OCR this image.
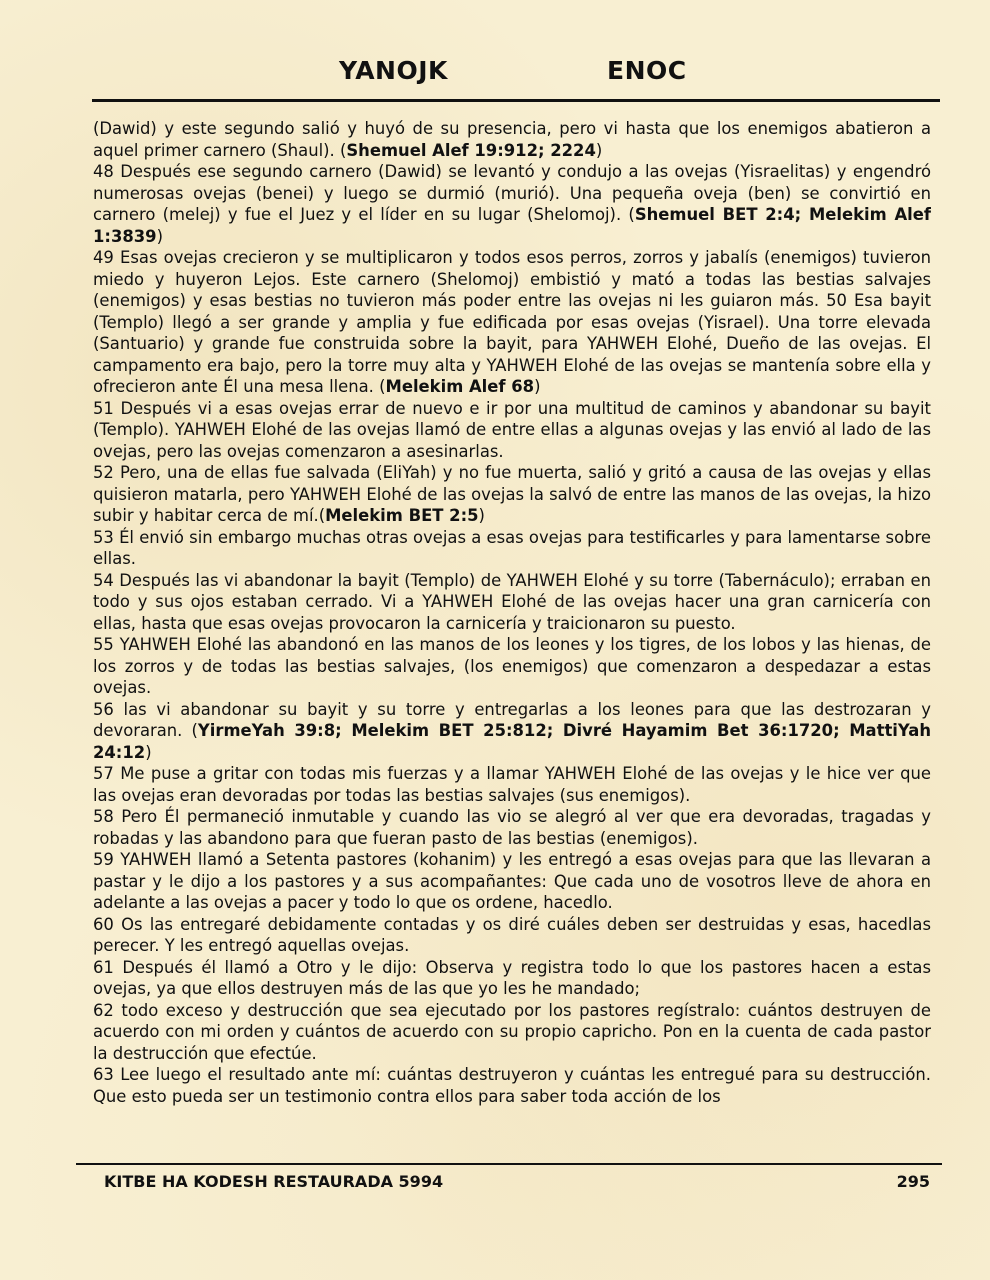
YANOJK	ENOC

(Dawid) y este segundo salió y huyó de su presencia, pero vi hasta que los enemigos abatieron a aquel primer carnero (Shaul). (Shemuel Alef 19:912; 2224)

48 Después ese segundo carnero (Dawid) se levantó y condujo a las ovejas (Yisraelitas) y engendró numerosas ovejas (benei) y luego se durmió (murió). Una pequeña oveja (ben) se convirtió en carnero (melej) y fue el Juez y el líder en su lugar (Shelomoj). (Shemuel BET 2:4; Melekim Alef 1:3839)

49 Esas ovejas crecieron y se multiplicaron y todos esos perros, zorros y jabalís (enemigos) tuvieron miedo y huyeron Lejos. Este carnero (Shelomoj) embistió y mató a todas las bestias salvajes (enemigos) y esas bestias no tuvieron más poder entre las ovejas ni les guiaron más. 50 Esa bayit (Templo) llegó a ser grande y amplia y fue edificada por esas ovejas (Yisrael). Una torre elevada (Santuario) y grande fue construida sobre la bayit, para YAHWEH Elohé, Dueño de las ovejas. El campamento era bajo, pero la torre muy alta y YAHWEH Elohé de las ovejas se mantenía sobre ella y ofrecieron ante Él una mesa llena. (Melekim Alef 68)

51 Después vi a esas ovejas errar de nuevo e ir por una multitud de caminos y abandonar su bayit (Templo). YAHWEH Elohé de las ovejas llamó de entre ellas a algunas ovejas y las envió al lado de las ovejas, pero las ovejas comenzaron a asesinarlas.

52 Pero, una de ellas fue salvada (EliYah) y no fue muerta, salió y gritó a causa de las ovejas y ellas quisieron matarla, pero YAHWEH Elohé de las ovejas la salvó de entre las manos de las ovejas, la hizo subir y habitar cerca de mí.(Melekim BET 2:5)

53 Él envió sin embargo muchas otras ovejas a esas ovejas para testificarles y para lamentarse sobre ellas.

54 Después las vi abandonar la bayit (Templo) de YAHWEH Elohé y su torre (Tabernáculo); erraban en todo y sus ojos estaban cerrado. Vi a YAHWEH Elohé de las ovejas hacer una gran carnicería con ellas, hasta que esas ovejas provocaron la carnicería y traicionaron su puesto.

55 YAHWEH Elohé las abandonó en las manos de los leones y los tigres, de los lobos y las hienas, de los zorros y de todas las bestias salvajes, (los enemigos) que comenzaron a despedazar a estas ovejas.

56 las vi abandonar su bayit y su torre y entregarlas a los leones para que las destrozaran y devoraran. (YirmeYah 39:8; Melekim BET 25:812; Divré Hayamim Bet 36:1720; MattiYah 24:12)

57 Me puse a gritar con todas mis fuerzas y a llamar YAHWEH Elohé de las ovejas y le hice ver que las ovejas eran devoradas por todas las bestias salvajes (sus enemigos).

58 Pero Él permaneció inmutable y cuando las vio se alegró al ver que era devoradas, tragadas y robadas y las abandono para que fueran pasto de las bestias (enemigos).

59 YAHWEH llamó a Setenta pastores (kohanim) y les entregó a esas ovejas para que las llevaran a pastar y le dijo a los pastores y a sus acompañantes: Que cada uno de vosotros lleve de ahora en adelante a las ovejas a pacer y todo lo que os ordene, hacedlo.

60 Os las entregaré debidamente contadas y os diré cuáles deben ser destruidas y esas, hacedlas perecer. Y les entregó aquellas ovejas.

61 Después él llamó a Otro y le dijo: Observa y registra todo lo que los pastores hacen a estas ovejas, ya que ellos destruyen más de las que yo les he mandado;

62 todo exceso y destrucción que sea ejecutado por los pastores regístralo: cuántos destruyen de acuerdo con mi orden y cuántos de acuerdo con su propio capricho. Pon en la cuenta de cada pastor la destrucción que efectúe.

63 Lee luego el resultado ante mí: cuántas destruyeron y cuántas les entregué para su destrucción. Que esto pueda ser un testimonio contra ellos para saber toda acción de los

KITBE HA KODESH RESTAURADA 5994	295
